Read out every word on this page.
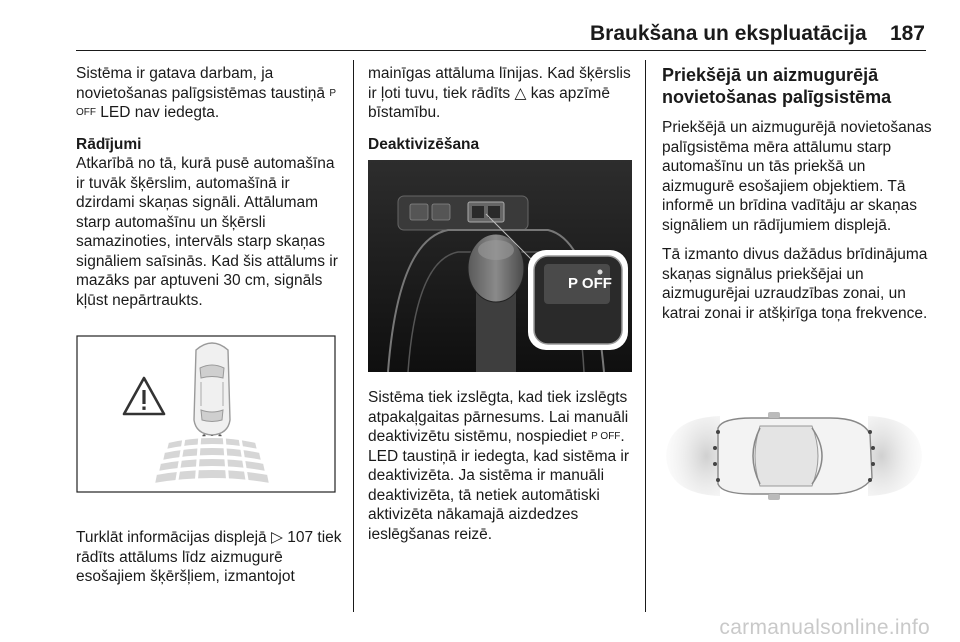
Braukšana un ekspluatācija	187

Sistēma ir gatava darbam, ja novietošanas palīgsistēmas taustiņā P OFF LED nav iedegta.

Rādījumi

Atkarībā no tā, kurā pusē automašīna ir tuvāk šķērslim, automašīnā ir dzirdami skaņas signāli. Attālumam starp automašīnu un šķērsli samazinoties, intervāls starp skaņas signāliem saīsinās. Kad šis attālums ir mazāks par aptuveni 30 cm, signāls kļūst nepārtraukts.

Turklāt informācijas displejā ▷ 107 tiek rādīts attālums līdz aizmugurē esošajiem šķēršļiem, izmantojot

mainīgas attāluma līnijas. Kad šķērslis ir ļoti tuvu, tiek rādīts △ kas apzīmē bīstamību.

Deaktivizēšana
P OFF

Sistēma tiek izslēgta, kad tiek izslēgts atpakaļgaitas pārnesums. Lai manuāli deaktivizētu sistēmu, nospiediet P OFF. LED taustiņā ir iedegta, kad sistēma ir deaktivizēta. Ja sistēma ir manuāli deaktivizēta, tā netiek automātiski aktivizēta nākamajā aizdedzes ieslēgšanas reizē.

Priekšējā un aizmugurējā novietošanas palīgsistēma

Priekšējā un aizmugurējā novietošanas palīgsistēma mēra attālumu starp automašīnu un tās priekšā un aizmugurē esošajiem objektiem. Tā informē un brīdina vadītāju ar skaņas signāliem un rādījumiem displejā.

Tā izmanto divus dažādus brīdinājuma skaņas signālus priekšējai un aizmugurējai uzraudzības zonai, un katrai zonai ir atšķirīga toņa frekvence.

carmanualsonline.info
